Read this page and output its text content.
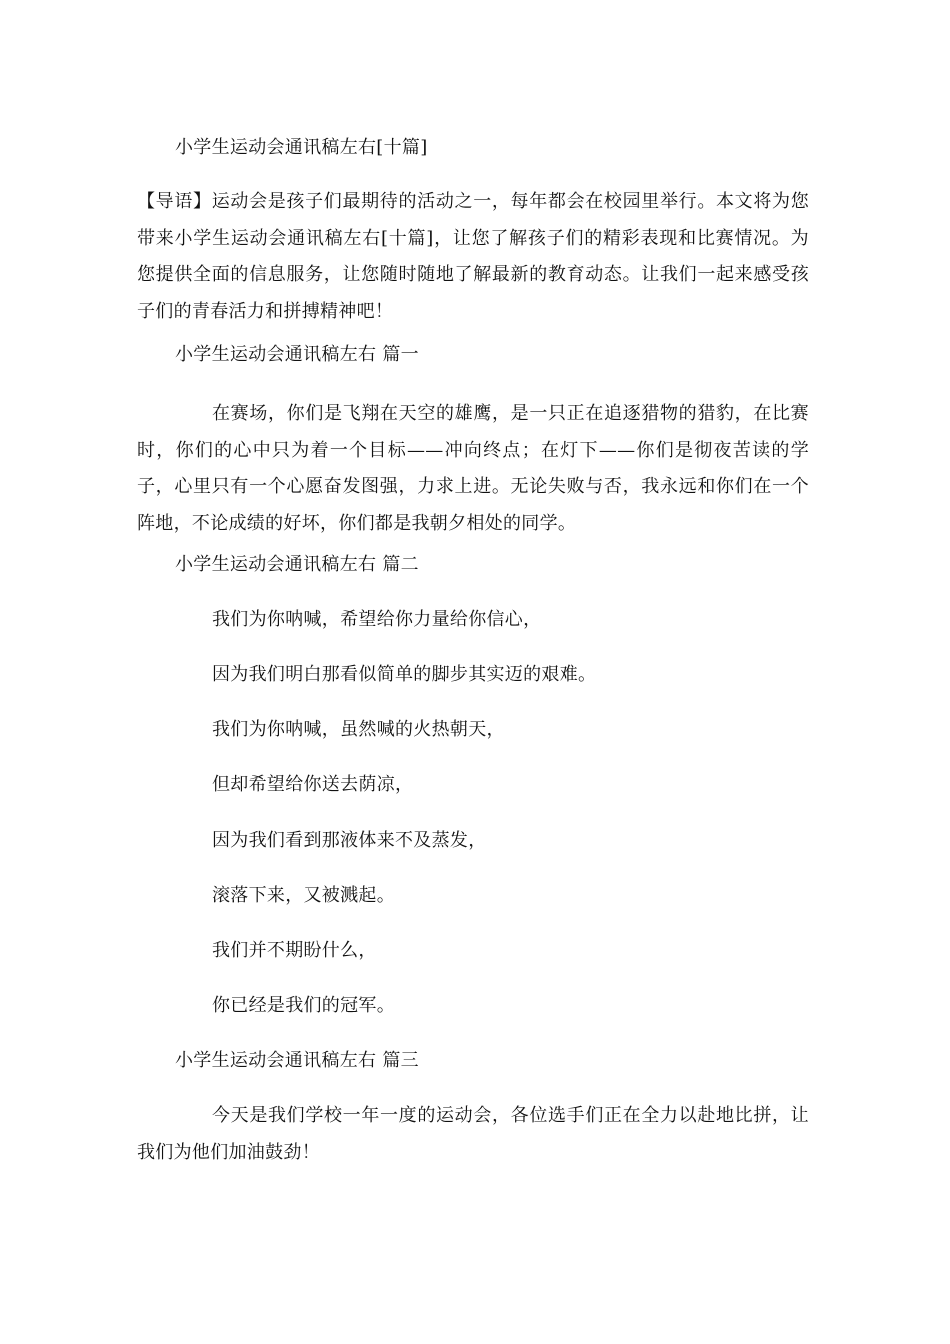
小学生运动会通讯稿左右[十篇]
【导语】运动会是孩子们最期待的活动之一，每年都会在校园里举行。本文将为您带来小学生运动会通讯稿左右[十篇]，让您了解孩子们的精彩表现和比赛情况。为您提供全面的信息服务，让您随时随地了解最新的教育动态。让我们一起来感受孩子们的青春活力和拼搏精神吧！
小学生运动会通讯稿左右 篇一
在赛场，你们是飞翔在天空的雄鹰，是一只正在追逐猎物的猎豹，在比赛时，你们的心中只为着一个目标——冲向终点；在灯下——你们是彻夜苦读的学子，心里只有一个心愿奋发图强，力求上进。无论失败与否，我永远和你们在一个阵地，不论成绩的好坏，你们都是我朝夕相处的同学。
小学生运动会通讯稿左右 篇二
我们为你呐喊，希望给你力量给你信心，
因为我们明白那看似简单的脚步其实迈的艰难。
我们为你呐喊，虽然喊的火热朝天，
但却希望给你送去荫凉，
因为我们看到那液体来不及蒸发，
滚落下来，又被溅起。
我们并不期盼什么，
你已经是我们的冠军。
小学生运动会通讯稿左右 篇三
今天是我们学校一年一度的运动会，各位选手们正在全力以赴地比拼，让我们为他们加油鼓劲！
